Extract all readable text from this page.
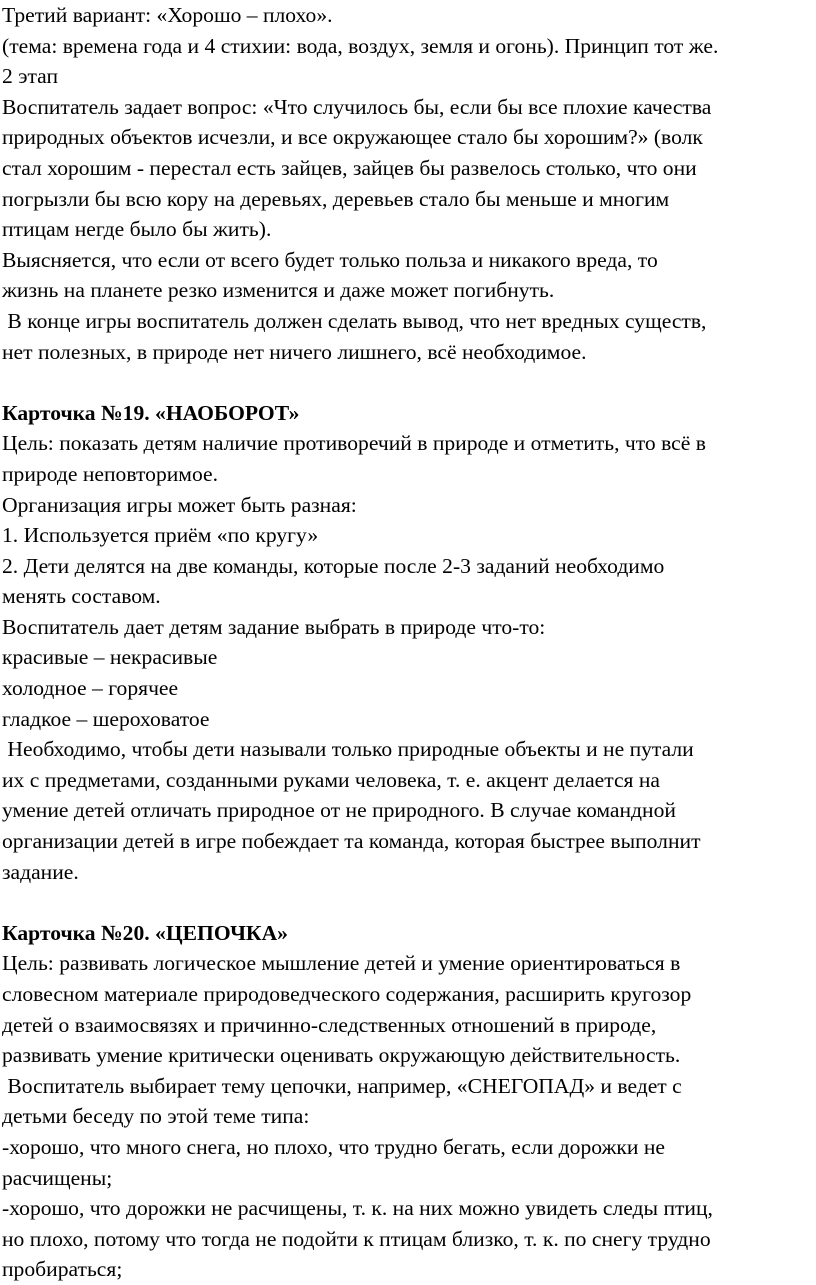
Третий вариант: «Хорошо – плохо».
(тема: времена года и 4 стихии: вода, воздух, земля и огонь). Принцип тот же.
2 этап
Воспитатель задает вопрос: «Что случилось бы, если бы все плохие качества
природных объектов исчезли, и все окружающее стало бы хорошим?» (волк
стал хорошим - перестал есть зайцев, зайцев бы развелось столько, что они
погрызли бы всю кору на деревьях, деревьев стало бы меньше и многим
птицам негде было бы жить).
Выясняется, что если от всего будет только польза и никакого вреда, то
жизнь на планете резко изменится и даже может погибнуть.
В конце игры воспитатель должен сделать вывод, что нет вредных существ,
нет полезных, в природе нет ничего лишнего, всё необходимое.
Карточка №19. «НАОБОРОТ»
Цель: показать детям наличие противоречий в природе и отметить, что всё в
природе неповторимое.
Организация игры может быть разная:
1. Используется приём «по кругу»
2. Дети делятся на две команды, которые после 2-3 заданий необходимо
менять составом.
Воспитатель дает детям задание выбрать в природе что-то:
красивые – некрасивые
холодное – горячее
гладкое – шероховатое
Необходимо, чтобы дети называли только природные объекты и не путали
их с предметами, созданными руками человека, т. е. акцент делается на
умение детей отличать природное от не природного. В случае командной
организации детей в игре побеждает та команда, которая быстрее выполнит
задание.
Карточка №20. «ЦЕПОЧКА»
Цель: развивать логическое мышление детей и умение ориентироваться в
словесном материале природоведческого содержания, расширить кругозор
детей о взаимосвязях и причинно-следственных отношений в природе,
развивать умение критически оценивать окружающую действительность.
Воспитатель выбирает тему цепочки, например, «СНЕГОПАД» и ведет с
детьми беседу по этой теме типа:
-хорошо, что много снега, но плохо, что трудно бегать, если дорожки не
расчищены;
-хорошо, что дорожки не расчищены, т. к. на них можно увидеть следы птиц,
но плохо, потому что тогда не подойти к птицам близко, т. к. по снегу трудно
пробираться;
